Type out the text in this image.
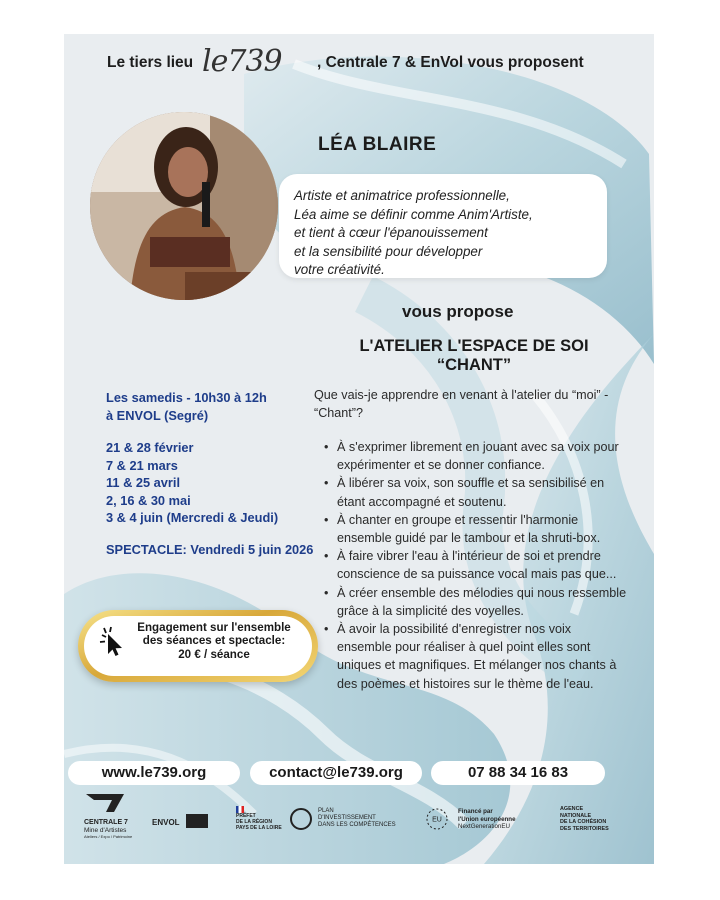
Le tiers lieu le739 , Centrale 7 & EnVol vous proposent
LÉA BLAIRE
Artiste et animatrice professionnelle,
Léa aime se définir comme Anim'Artiste,
et tient à cœur l'épanouissement
et la sensibilité pour développer
votre créativité.
vous propose
L'ATELIER L'ESPACE DE SOI
“CHANT”
Que vais-je apprendre en venant à l'atelier du “moi” -
“Chant”?
• À s'exprimer librement en jouant avec sa voix pour
expérimenter et se donner confiance.
• À libérer sa voix, son souffle et sa sensibilisé en
étant accompagné et soutenu.
• À chanter en groupe et ressentir l'harmonie
ensemble guidé par le tambour et la shruti-box.
• À faire vibrer l'eau à l'intérieur de soi et prendre
conscience de sa puissance vocal mais pas que...
• À créer ensemble des mélodies qui nous ressemble
grâce à la simplicité des voyelles.
• À avoir la possibilité d'enregistrer nos voix
ensemble pour réaliser à quel point elles sont
uniques et magnifiques. Et mélanger nos chants à
des poèmes et histoires sur le thème de l'eau.
Les samedis - 10h30 à 12h
à ENVOL (Segré)
21 & 28 février
7 & 21 mars
11 & 25 avril
2, 16 & 30 mai
3 & 4 juin (Mercredi & Jeudi)
SPECTACLE: Vendredi 5 juin 2026
Engagement sur l'ensemble
des séances et spectacle:
20 € / séance
www.le739.org	contact@le739.org	07 88 34 16 83
CENTRALE 7
Mine d'Artistes
Ateliers / Expo / Patrimoine
ENVOL
PRÉFET
DE LA RÉGION
PAYS DE LA LOIRE
PLAN
D'INVESTISSEMENT
DANS LES COMPÉTENCES
EU
Financé par
l'Union européenne
NextGenerationEU
AGENCE
NATIONALE
DE LA COHÉSION
DES TERRITOIRES
